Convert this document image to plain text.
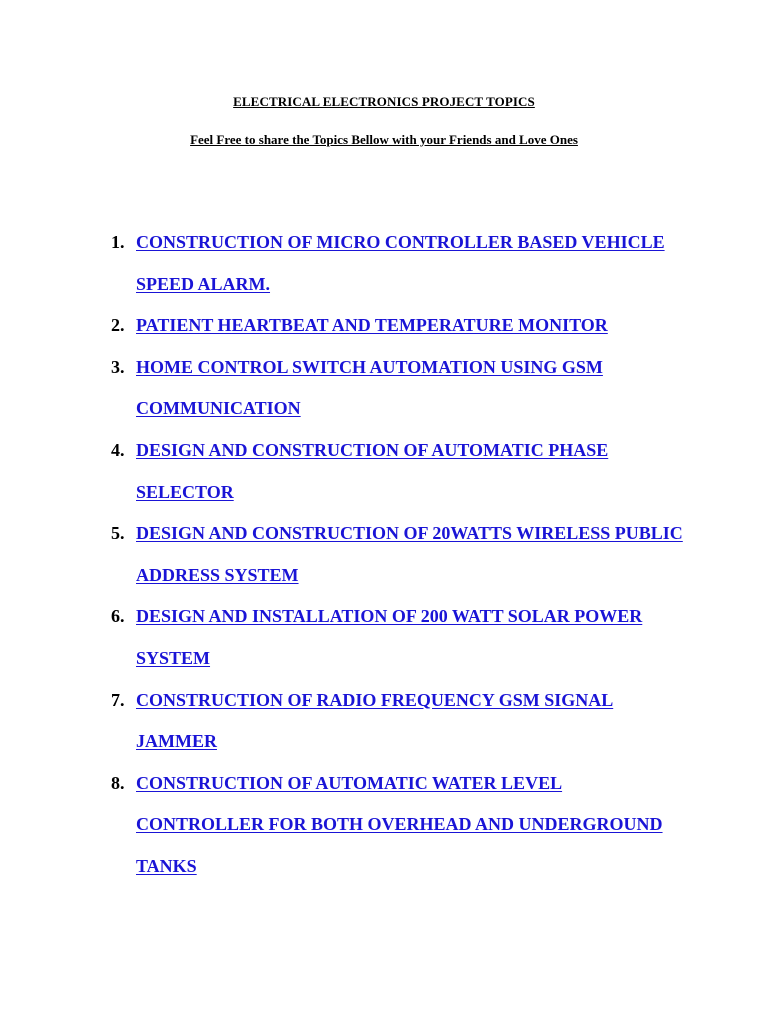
ELECTRICAL ELECTRONICS PROJECT TOPICS
Feel Free to share the Topics Bellow with your Friends and Love Ones
1. CONSTRUCTION OF MICRO CONTROLLER BASED VEHICLE
SPEED ALARM.
2. PATIENT HEARTBEAT AND TEMPERATURE MONITOR
3. HOME CONTROL SWITCH AUTOMATION USING GSM
COMMUNICATION
4. DESIGN AND CONSTRUCTION OF AUTOMATIC PHASE
SELECTOR
5. DESIGN AND CONSTRUCTION OF 20WATTS WIRELESS PUBLIC
ADDRESS SYSTEM
6. DESIGN AND INSTALLATION OF 200 WATT SOLAR POWER
SYSTEM
7. CONSTRUCTION OF RADIO FREQUENCY GSM SIGNAL
JAMMER
8. CONSTRUCTION OF AUTOMATIC WATER LEVEL
CONTROLLER FOR BOTH OVERHEAD AND UNDERGROUND
TANKS
